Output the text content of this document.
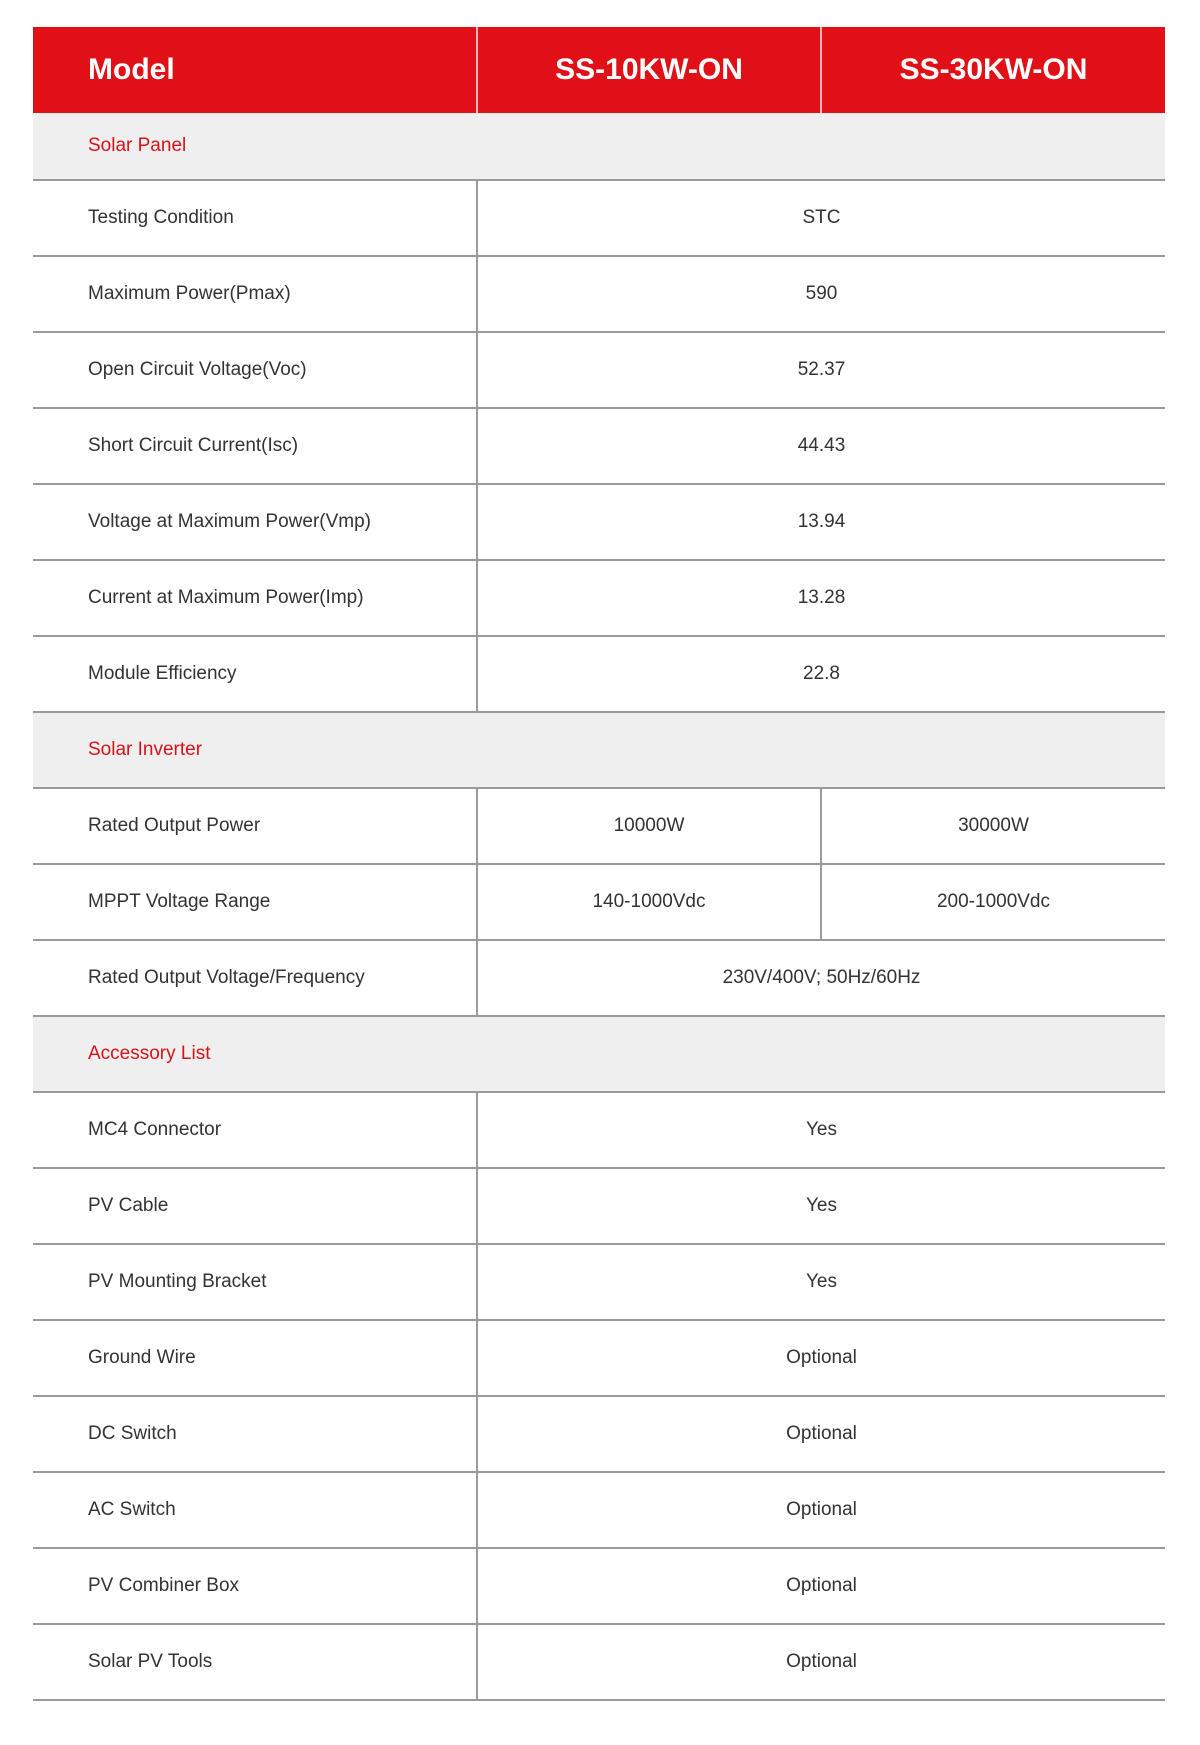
Model	SS-10KW-ON	SS-30KW-ON
Solar Panel		
Testing Condition	STC	
Maximum Power(Pmax)	590	
Open Circuit Voltage(Voc)	52.37	
Short Circuit Current(Isc)	44.43	
Voltage at Maximum Power(Vmp)	13.94	
Current at Maximum Power(Imp)	13.28	
Module Efficiency	22.8	
Solar Inverter		
Rated Output Power	10000W	30000W
MPPT Voltage Range	140-1000Vdc	200-1000Vdc
Rated Output Voltage/Frequency	230V/400V; 50Hz/60Hz	
Accessory List		
MC4 Connector	Yes	
PV Cable	Yes	
PV Mounting Bracket	Yes	
Ground Wire	Optional	
DC Switch	Optional	
AC Switch	Optional	
PV Combiner Box	Optional	
Solar PV Tools	Optional	
